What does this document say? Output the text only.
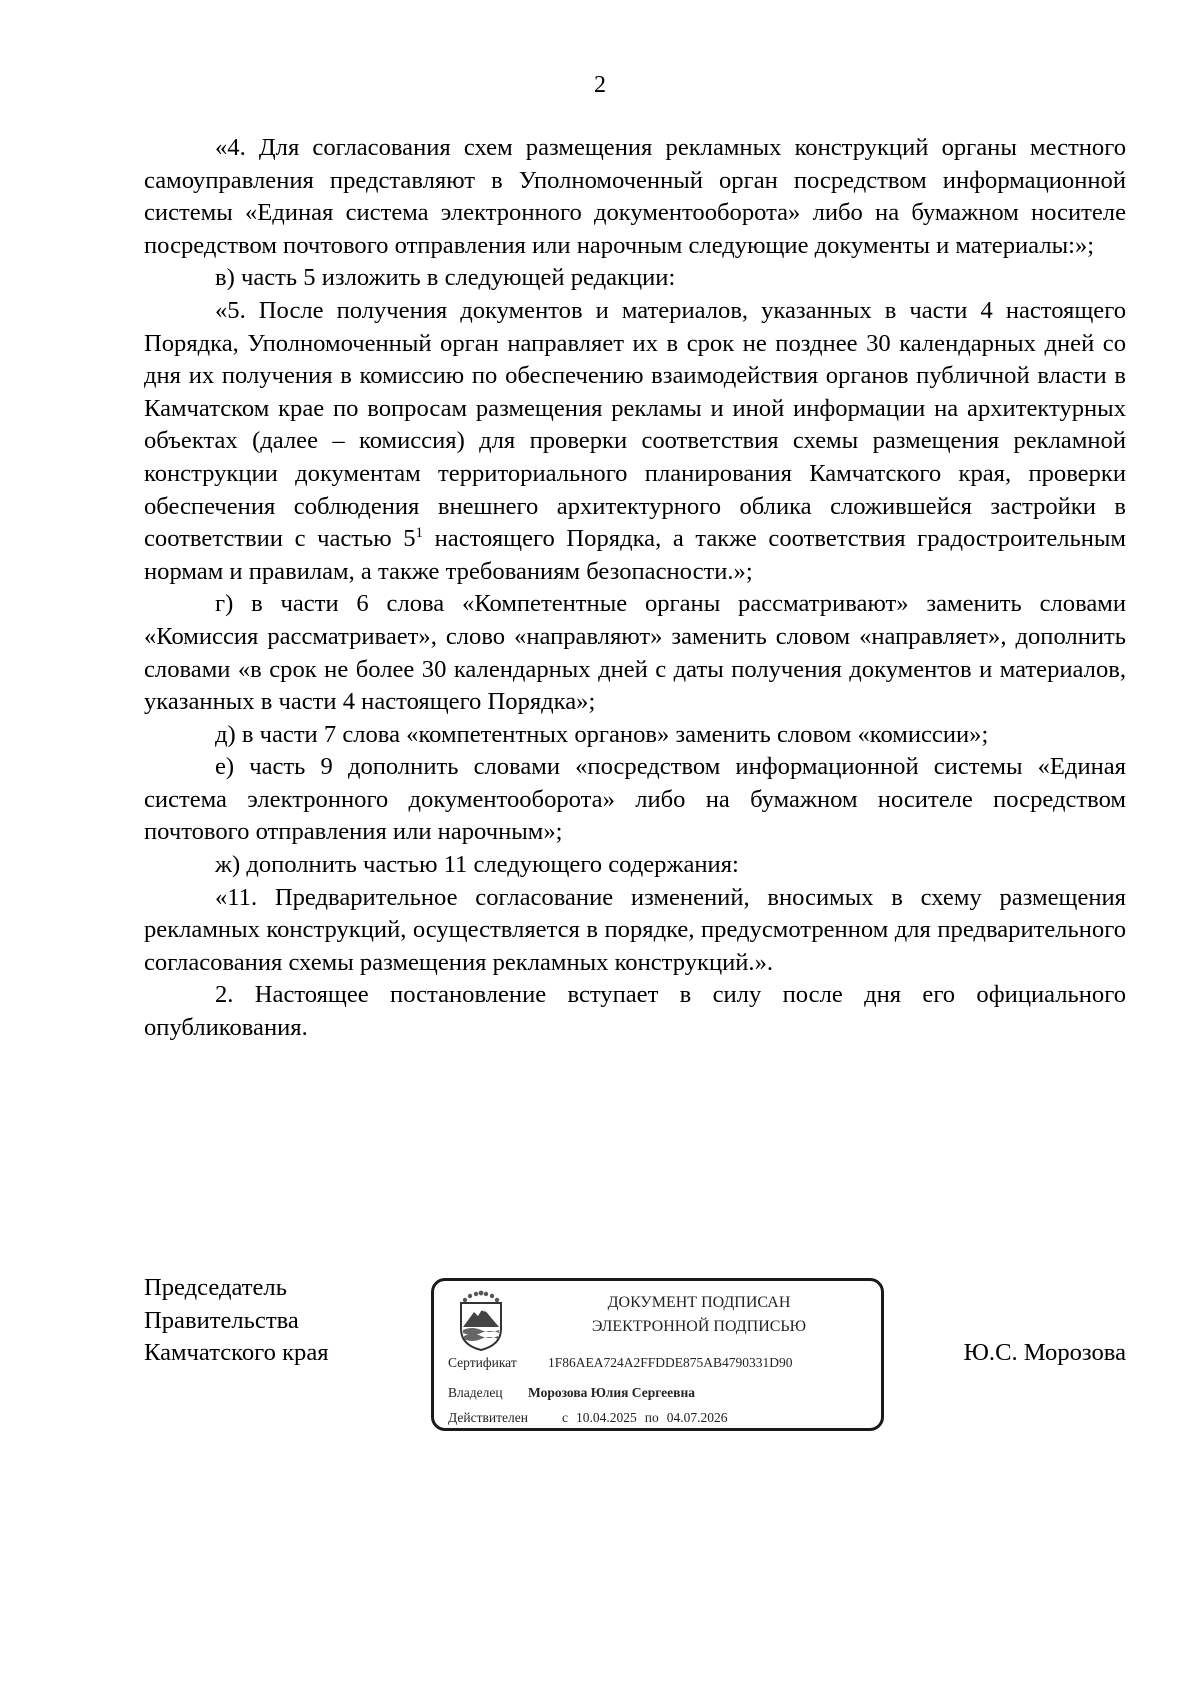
2

«4. Для согласования схем размещения рекламных конструкций органы местного самоуправления представляют в Уполномоченный орган посредством информационной системы «Единая система электронного документооборота» либо на бумажном носителе посредством почтового отправления или нарочным следующие документы и материалы:»;

в) часть 5 изложить в следующей редакции:

«5. После получения документов и материалов, указанных в части 4 настоящего Порядка, Уполномоченный орган направляет их в срок не позднее 30 календарных дней со дня их получения в комиссию по обеспечению взаимодействия органов публичной власти в Камчатском крае по вопросам размещения рекламы и иной информации на архитектурных объектах (далее – комиссия) для проверки соответствия схемы размещения рекламной конструкции документам территориального планирования Камчатского края, проверки обеспечения соблюдения внешнего архитектурного облика сложившейся застройки в соответствии с частью $5^1$ настоящего Порядка, а также соответствия градостроительным нормам и правилам, а также требованиям безопасности.»;

г) в части 6 слова «Компетентные органы рассматривают» заменить словами «Комиссия рассматривает», слово «направляют» заменить словом «направляет», дополнить словами «в срок не более 30 календарных дней с даты получения документов и материалов, указанных в части 4 настоящего Порядка»;

д) в части 7 слова «компетентных органов» заменить словом «комиссии»;

е) часть 9 дополнить словами «посредством информационной системы «Единая система электронного документооборота» либо на бумажном носителе посредством почтового отправления или нарочным»;

ж) дополнить частью 11 следующего содержания:

«11. Предварительное согласование изменений, вносимых в схему размещения рекламных конструкций, осуществляется в порядке, предусмотренном для предварительного согласования схемы размещения рекламных конструкций.».

2. Настоящее постановление вступает в силу после дня его официального опубликования.

Председатель
Правительства
Камчатского края
ДОКУМЕНТ ПОДПИСАН
ЭЛЕКТРОННОЙ ПОДПИСЬЮ
Сертификат 1F86AEA724A2FFDDE875AB4790331D90
Владелец Морозова Юлия Сергеевна
Действителен	с 10.04.2025 по 04.07.2026
Ю.С. Морозова
